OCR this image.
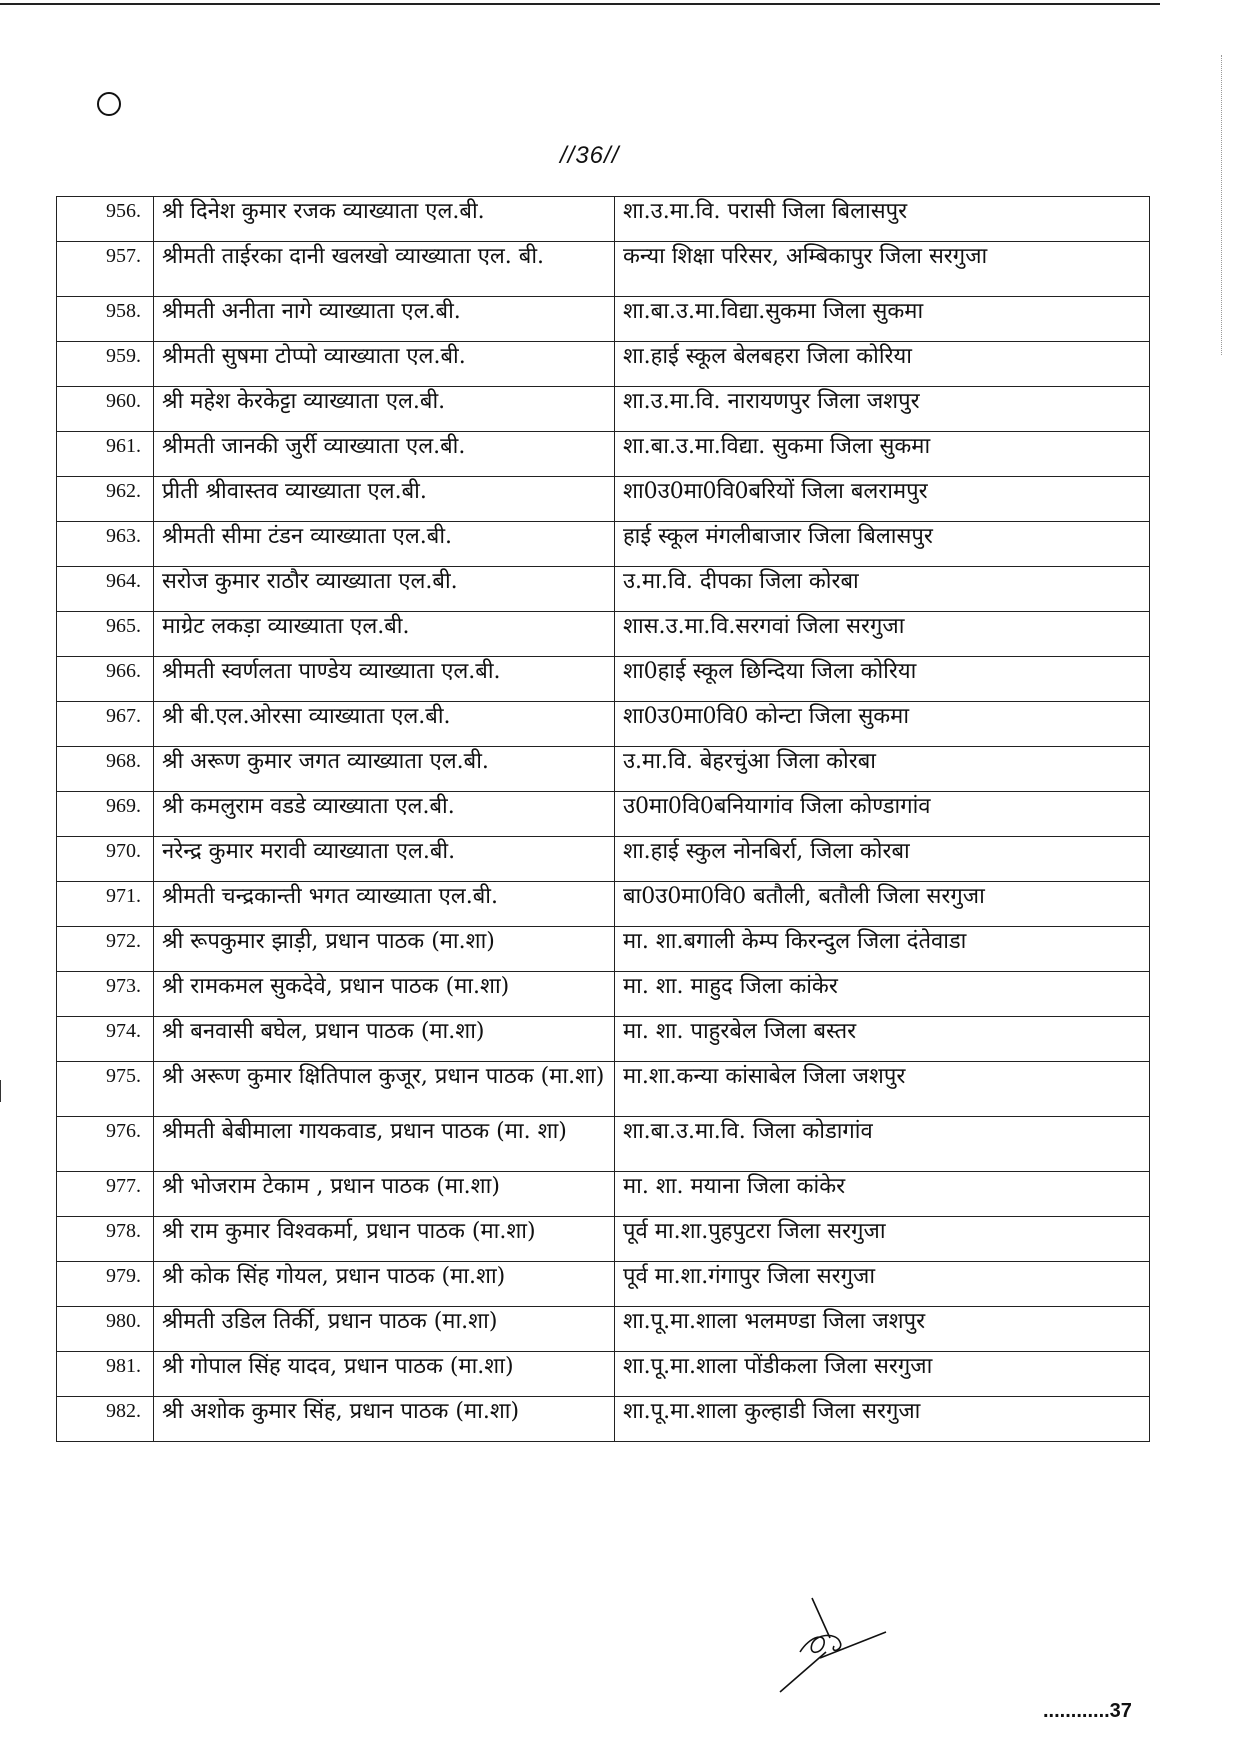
//36//
956.	श्री दिनेश कुमार रजक व्याख्याता एल.बी.	शा.उ.मा.वि. परासी जिला बिलासपुर
957.	श्रीमती ताईरका दानी खलखो व्याख्याता एल. बी.	कन्या शिक्षा परिसर, अम्बिकापुर जिला सरगुजा
958.	श्रीमती अनीता नागे व्याख्याता एल.बी.	शा.बा.उ.मा.विद्या.सुकमा जिला सुकमा
959.	श्रीमती सुषमा टोप्पो व्याख्याता एल.बी.	शा.हाई स्कूल बेलबहरा जिला कोरिया
960.	श्री महेश केरकेट्टा व्याख्याता एल.बी.	शा.उ.मा.वि. नारायणपुर जिला जशपुर
961.	श्रीमती जानकी जुर्री व्याख्याता एल.बी.	शा.बा.उ.मा.विद्या. सुकमा जिला सुकमा
962.	प्रीती श्रीवास्तव व्याख्याता एल.बी.	शा0उ0मा0वि0बरियों जिला बलरामपुर
963.	श्रीमती सीमा टंडन व्याख्याता एल.बी.	हाई स्कूल मंगलीबाजार जिला बिलासपुर
964.	सरोज कुमार राठौर व्याख्याता एल.बी.	उ.मा.वि. दीपका जिला कोरबा
965.	माग्रेट लकड़ा व्याख्याता एल.बी.	शास.उ.मा.वि.सरगवां जिला सरगुजा
966.	श्रीमती स्वर्णलता पाण्डेय व्याख्याता एल.बी.	शा0हाई स्कूल छिन्दिया जिला कोरिया
967.	श्री बी.एल.ओरसा व्याख्याता एल.बी.	शा0उ0मा0वि0 कोन्टा जिला सुकमा
968.	श्री अरूण कुमार जगत व्याख्याता एल.बी.	उ.मा.वि. बेहरचुंआ जिला कोरबा
969.	श्री कमलुराम वडडे व्याख्याता एल.बी.	उ0मा0वि0बनियागांव जिला कोण्डागांव
970.	नरेन्द्र कुमार मरावी व्याख्याता एल.बी.	शा.हाई स्कुल नोनबिर्रा, जिला कोरबा
971.	श्रीमती चन्द्रकान्ती भगत व्याख्याता एल.बी.	बा0उ0मा0वि0 बतौली, बतौली जिला सरगुजा
972.	श्री रूपकुमार झाड़ी, प्रधान पाठक (मा.शा)	मा. शा.बगाली केम्प किरन्दुल जिला दंतेवाडा
973.	श्री रामकमल सुकदेवे, प्रधान पाठक (मा.शा)	मा. शा. माहुद जिला कांकेर
974.	श्री बनवासी बघेल, प्रधान पाठक (मा.शा)	मा. शा. पाहुरबेल जिला बस्तर
975.	श्री अरूण कुमार क्षितिपाल कुजूर, प्रधान पाठक (मा.शा)	मा.शा.कन्या कांसाबेल जिला जशपुर
976.	श्रीमती बेबीमाला गायकवाड, प्रधान पाठक (मा. शा)	शा.बा.उ.मा.वि. जिला कोडागांव
977.	श्री भोजराम टेकाम , प्रधान पाठक (मा.शा)	मा. शा. मयाना जिला कांकेर
978.	श्री राम कुमार विश्वकर्मा, प्रधान पाठक (मा.शा)	पूर्व मा.शा.पुहपुटरा जिला सरगुजा
979.	श्री कोक सिंह गोयल, प्रधान पाठक (मा.शा)	पूर्व मा.शा.गंगापुर जिला सरगुजा
980.	श्रीमती उडिल तिर्की, प्रधान पाठक (मा.शा)	शा.पू.मा.शाला भलमण्डा जिला जशपुर
981.	श्री गोपाल सिंह यादव, प्रधान पाठक (मा.शा)	शा.पू.मा.शाला पोंडीकला जिला सरगुजा
982.	श्री अशोक कुमार सिंह, प्रधान पाठक (मा.शा)	शा.पू.मा.शाला कुल्हाडी जिला सरगुजा
............37
